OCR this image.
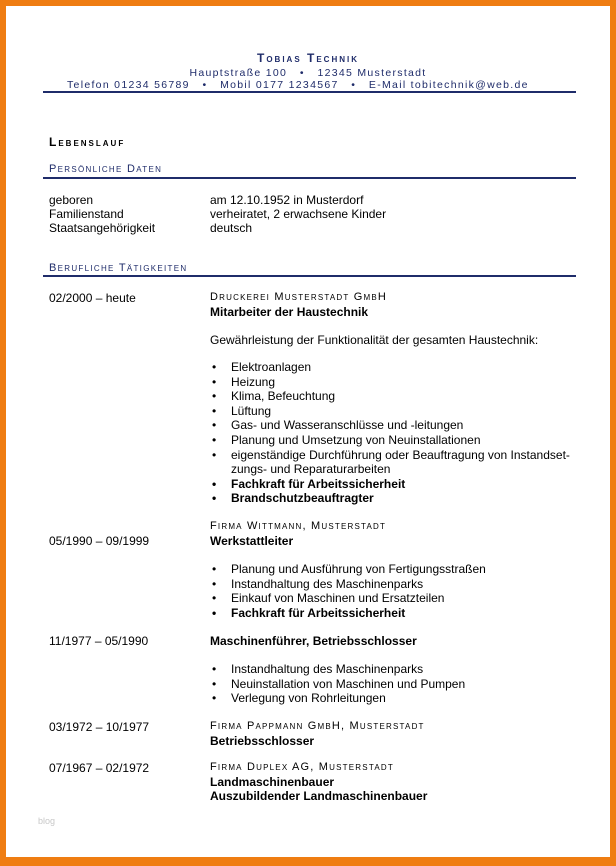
Tobias Technik
Hauptstraße 100   •   12345 Musterstadt
Telefon 01234 56789   •   Mobil 0177 1234567   •   E-Mail tobitechnik@web.de
Lebenslauf
Persönliche Daten
geboren	am 12.10.1952 in Musterdorf
Familienstand	verheiratet, 2 erwachsene Kinder
Staatsangehörigkeit	deutsch
Berufliche Tätigkeiten
02/2000 – heute	Druckerei Musterstadt GmbH
Mitarbeiter der Haustechnik
Gewährleistung der Funktionalität der gesamten Haustechnik:
• Elektroanlagen
• Heizung
• Klima, Befeuchtung
• Lüftung
• Gas- und Wasseranschlüsse und -leitungen
• Planung und Umsetzung von Neuinstallationen
• eigenständige Durchführung oder Beauftragung von Instandset- zungs- und Reparaturarbeiten
• Fachkraft für Arbeitssicherheit
• Brandschutzbeauftragter
Firma Wittmann, Musterstadt
05/1990 – 09/1999	Werkstattleiter
• Planung und Ausführung von Fertigungsstraßen
• Instandhaltung des Maschinenparks
• Einkauf von Maschinen und Ersatzteilen
• Fachkraft für Arbeitssicherheit
11/1977 – 05/1990	Maschinenführer, Betriebsschlosser
• Instandhaltung des Maschinenparks
• Neuinstallation von Maschinen und Pumpen
• Verlegung von Rohrleitungen
03/1972 – 10/1977	Firma Pappmann GmbH, Musterstadt
Betriebsschlosser
07/1967 – 02/1972	Firma Duplex AG, Musterstadt
Landmaschinenbauer
Auszubildender Landmaschinenbauer
blog
